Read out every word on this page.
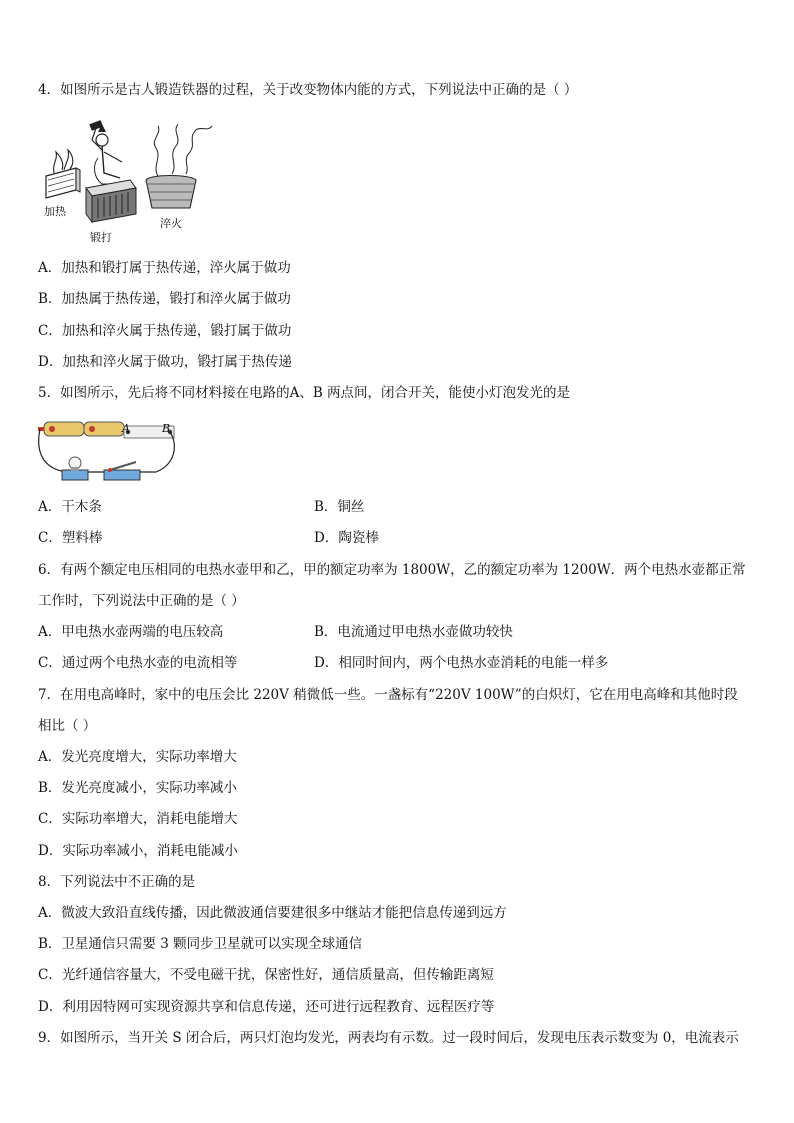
4．如图所示是古人锻造铁器的过程，关于改变物体内能的方式，下列说法中正确的是（ ）
加热
锻打
淬火
A．加热和锻打属于热传递，淬火属于做功
B．加热属于热传递，锻打和淬火属于做功
C．加热和淬火属于热传递，锻打属于做功
D．加热和淬火属于做功，锻打属于热传递
5．如图所示，先后将不同材料接在电路的A、B 两点间，闭合开关，能使小灯泡发光的是
A	B
A．干木条	B．铜丝
C．塑料棒	D．陶瓷棒
6．有两个额定电压相同的电热水壶甲和乙，甲的额定功率为 1800W，乙的额定功率为 1200W．两个电热水壶都正常
工作时，下列说法中正确的是（ ）
A．甲电热水壶两端的电压较高	B．电流通过甲电热水壶做功较快
C．通过两个电热水壶的电流相等	D．相同时间内，两个电热水壶消耗的电能一样多
7．在用电高峰时，家中的电压会比 220V 稍微低一些。一盏标有“220V 100W”的白炽灯，它在用电高峰和其他时段
相比（ ）
A．发光亮度增大，实际功率增大
B．发光亮度减小，实际功率减小
C．实际功率增大，消耗电能增大
D．实际功率减小，消耗电能减小
8．下列说法中不正确的是
A．微波大致沿直线传播，因此微波通信要建很多中继站才能把信息传递到远方
B．卫星通信只需要 3 颗同步卫星就可以实现全球通信
C．光纤通信容量大，不受电磁干扰，保密性好，通信质量高，但传输距离短
D．利用因特网可实现资源共享和信息传递，还可进行远程教育、远程医疗等
9．如图所示，当开关 S 闭合后，两只灯泡均发光，两表均有示数。过一段时间后，发现电压表示数变为 0，电流表示
